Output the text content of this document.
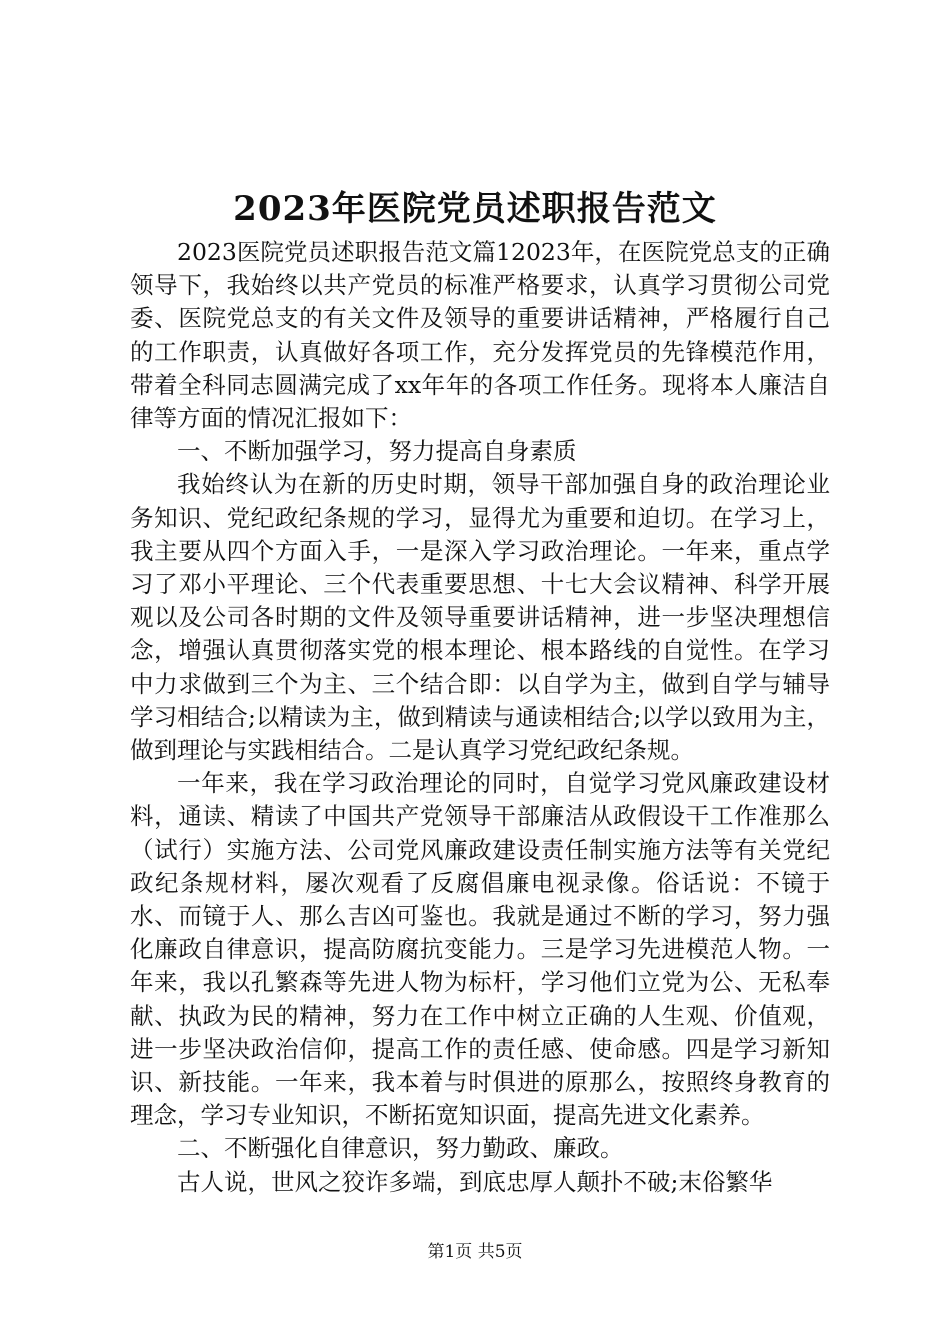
2023年医院党员述职报告范文

2023医院党员述职报告范文篇12023年，在医院党总支的正确领导下，我始终以共产党员的标准严格要求，认真学习贯彻公司党委、医院党总支的有关文件及领导的重要讲话精神，严格履行自己的工作职责，认真做好各项工作，充分发挥党员的先锋模范作用，带着全科同志圆满完成了xx年年的各项工作任务。现将本人廉洁自律等方面的情况汇报如下：

一、不断加强学习，努力提高自身素质

我始终认为在新的历史时期，领导干部加强自身的政治理论业务知识、党纪政纪条规的学习，显得尤为重要和迫切。在学习上，我主要从四个方面入手，一是深入学习政治理论。一年来，重点学习了邓小平理论、三个代表重要思想、十七大会议精神、科学开展观以及公司各时期的文件及领导重要讲话精神，进一步坚决理想信念，增强认真贯彻落实党的根本理论、根本路线的自觉性。在学习中力求做到三个为主、三个结合即：以自学为主，做到自学与辅导学习相结合;以精读为主，做到精读与通读相结合;以学以致用为主，做到理论与实践相结合。二是认真学习党纪政纪条规。

一年来，我在学习政治理论的同时，自觉学习党风廉政建设材料，通读、精读了中国共产党领导干部廉洁从政假设干工作准那么（试行）实施方法、公司党风廉政建设责任制实施方法等有关党纪政纪条规材料，屡次观看了反腐倡廉电视录像。俗话说：不镜于水、而镜于人、那么吉凶可鉴也。我就是通过不断的学习，努力强化廉政自律意识，提高防腐抗变能力。三是学习先进模范人物。一年来，我以孔繁森等先进人物为标杆，学习他们立党为公、无私奉献、执政为民的精神，努力在工作中树立正确的人生观、价值观，进一步坚决政治信仰，提高工作的责任感、使命感。四是学习新知识、新技能。一年来，我本着与时俱进的原那么，按照终身教育的理念，学习专业知识，不断拓宽知识面，提高先进文化素养。

二、不断强化自律意识，努力勤政、廉政。

古人说，世风之狡诈多端，到底忠厚人颠扑不破;末俗繁华

第1页 共5页
